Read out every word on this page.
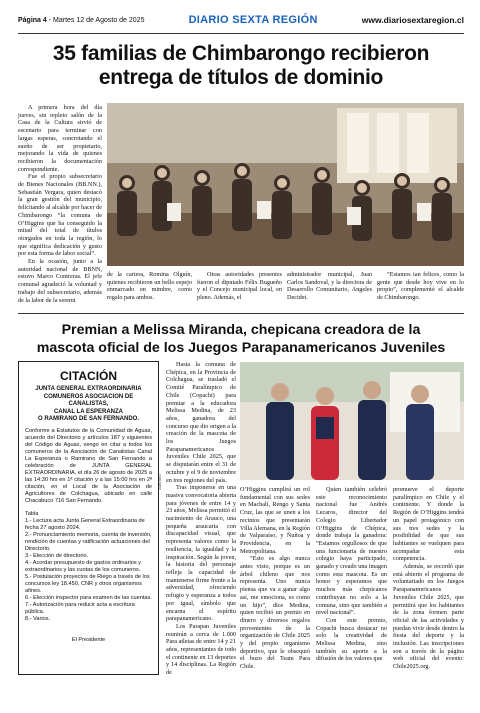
Página 4 - Martes 12 de Agosto de 2025	DIARIO SEXTA REGIÓN	www.diariosextaregion.cl
35 familias de Chimbarongo recibieron
entrega de títulos de dominio

A primera hora del día jueves, sin repleto salón de la Casa de la Cultura sirvió de escenario para terminar con largas esperas, concretando el sueño de ser propietario, mejorando la vida de quienes recibieron la documentación correspondiente.

Fue el propio subsecretario de Bienes Nacionales (BB.NN.), Sebastián Vergara, quien destacó la gran gestión del municipio, felicitando al alcalde por hacer de Chimbarongo “la comuna de O’Higgins que ha conseguido la mitad del total de títulos otorgados en toda la región, lo que significa dedicación y gusto por esta forma de labor social”.

En la ocasión, junto a la autoridad nacional de BBNN, estuvo Marco Contreras. El jefe comunal agradeció la voluntad y trabajo del subsecretario, además de la labor de la seremi

de la cartera, Romina Olguín, quienes recibieron un bello espejo enmarcado en mimbre, como regalo para ambos.
Otras autoridades presentes fueron el diputado Félix Bugueño y el Concejo municipal local, en pleno. Además, el
administrador municipal, Juan Carlos Sandoval, y la directora de Desarrollo Comunitario, Angeles Decidet.
“Estamos tan felices, como la gente que desde hoy vive en lo propio”, complementó el alcalde de Chimbarongo.
Premian a Melissa Miranda, chepicana creadora de la
mascota oficial de los Juegos Parapanamericanos Juveniles
CITACIÓN
JUNTA GENERAL EXTRAORDINARIA
COMUNEROS ASOCIACION DE CANALISTAS,
CANAL LA ESPERANZA
O RAMIRANO DE SAN FERNANDO.
Conforme a Estatutos de la Comunidad de Aguas, acuerdo del Directorio y artículos 187 y siguientes del Código de Aguas, vengo en citar a todos los comuneros de la Asociación de Canalistas Canal La Esperanza o Ramirano de San Fernando a celebración de JUNTA GENERAL EXTRAORDINARIA, el día 26 de agosto de 2025 a las 14:30 hrs en 1ª citación y a las 15:00 hrs en 2ª citación, en el Local de la Asociación de Agricultores de Colchagua, ubicado en calle Chacabuco 716 San Fernando.
Tabla
1.- Lectura acta Junta General Extraordinaria de fecha 27 agosto 2024.
2.- Pronunciamiento memoria, cuenta de inversión, rendición de cuentas y ratificación actuaciones del Directorio.
3.- Elección de directorio.
4.- Acordar presupuesto de gastos ordinarios y extraordinarios y las cuotas de los comuneros.
5.- Postulación proyectos de Riego a través de los concursos ley 18.450, CNR y otros organismos afines.
6.- Elección inspector para examen de las cuentas.
7.- Autorización para reducir acta a escritura pública.
8.- Varios.
El Presidente
2087050

Hasta la comuna de Chépica, en la Provincia de Colchagua, se trasladó el Comité Paralímpico de Chile (Copachi) para premiar a la educadora Melissa Medina, de 23 años, ganadora del concurso que dio origen a la creación de la mascota de los Juegos Parapanamericanos Juveniles Chile 2025, que se disputarán entre el 31 de octubre y el 9 de noviembre en tres regiones del país.

Tras imponerse en una masiva convocatoria abierta para jóvenes de entre 14 y 23 años, Melissa permitió el nacimiento de Arauco, una pequeña araucaria con discapacidad visual, que representa valores como la resiliencia, la igualdad y la inspiración. Según la joven, la historia del personaje refleja la capacidad de mantenerse firme frente a la adversidad, ofreciendo refugio y esperanza a todos por igual, símbolo que encarna el espíritu parapanamericano.

Los Parapan Juveniles reunirán a cerca de 1.000 Para atletas de entre 14 y 21 años, representantes de todo el continente en 13 deportes y 14 disciplinas. La Región de

O’Higgins cumplirá un rol fundamental con sus sedes en Machalí, Rengo y Santa Cruz, las que se unen a los recintos que presentarán Villa Alemana, en la Región de Valparaíso, y Ñuñoa y Providencia, en la Metropolitana.

“Esto es algo nunca antes visto, porque es un árbol chileno que nos representa. Uno nunca piensa que va a ganar algo así, me emociona, es como un hijo”, dice Medina, quien recibió un premio en dinero y diversos regalos provenientes de la organización de Chile 2025 y del propio organismo deportivo, que le obsequió el buzo del Team Para Chile.

Quien también celebró este reconocimiento nacional fue Andrés Lecaros, director del Colegio Libertador O’Higgins de Chépica, donde trabaja la ganadora: “Estamos orgullosos de que una funcionaria de nuestro colegio haya participado, ganado y creado una imagen como esta mascota. Es un honor y esperamos que muchos más chepicanos contribuyan no solo a la comuna, sino que también a nivel nacional”.

Con este premio, Copachi busca destacar no solo la creatividad de Melissa Medina, sino también su aporte a la difusión de los valores que

promueve el deporte paralímpico en Chile y el continente. Y donde la Región de O’Higgins tendrá un papel protagónico con sus tres sedes y la posibilidad de que sus habitantes se vuelquen para acompañar esta competencia.

Además, se recordó que está abierto el programa de voluntariado en los Juegos Parapanamericanos Juveniles Chile 2025, que permitirá que los habitantes de la zona formen parte oficial de las actividades y puedan vivir desde dentro la fiesta del deporte y la inclusión. Las inscripciones son a través de la página web oficial del evento: Chile2025.org.
